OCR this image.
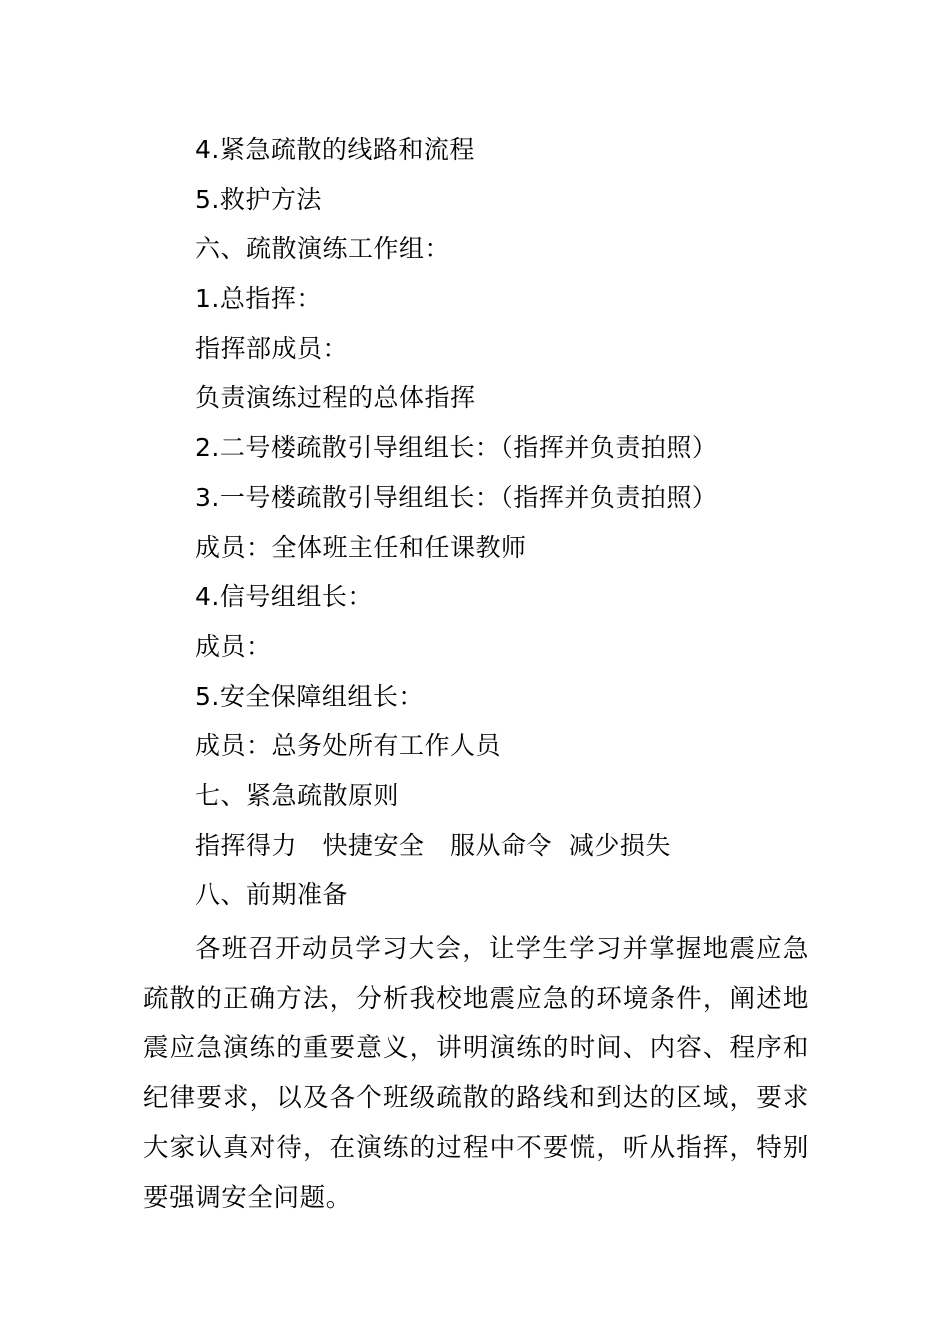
4.紧急疏散的线路和流程
5.救护方法
六、疏散演练工作组：
1.总指挥：
指挥部成员：
负责演练过程的总体指挥
2.二号楼疏散引导组组长：（指挥并负责拍照）
3.一号楼疏散引导组组长：（指挥并负责拍照）
成员：全体班主任和任课教师
4.信号组组长：
成员：
5.安全保障组组长：
成员：总务处所有工作人员
七、紧急疏散原则
指挥得力　快捷安全　服从命令  减少损失
八、前期准备

各班召开动员学习大会，让学生学习并掌握地震应急疏散的正确方法，分析我校地震应急的环境条件，阐述地震应急演练的重要意义，讲明演练的时间、内容、程序和纪律要求，以及各个班级疏散的路线和到达的区域，要求大家认真对待，在演练的过程中不要慌，听从指挥，特别要强调安全问题。
